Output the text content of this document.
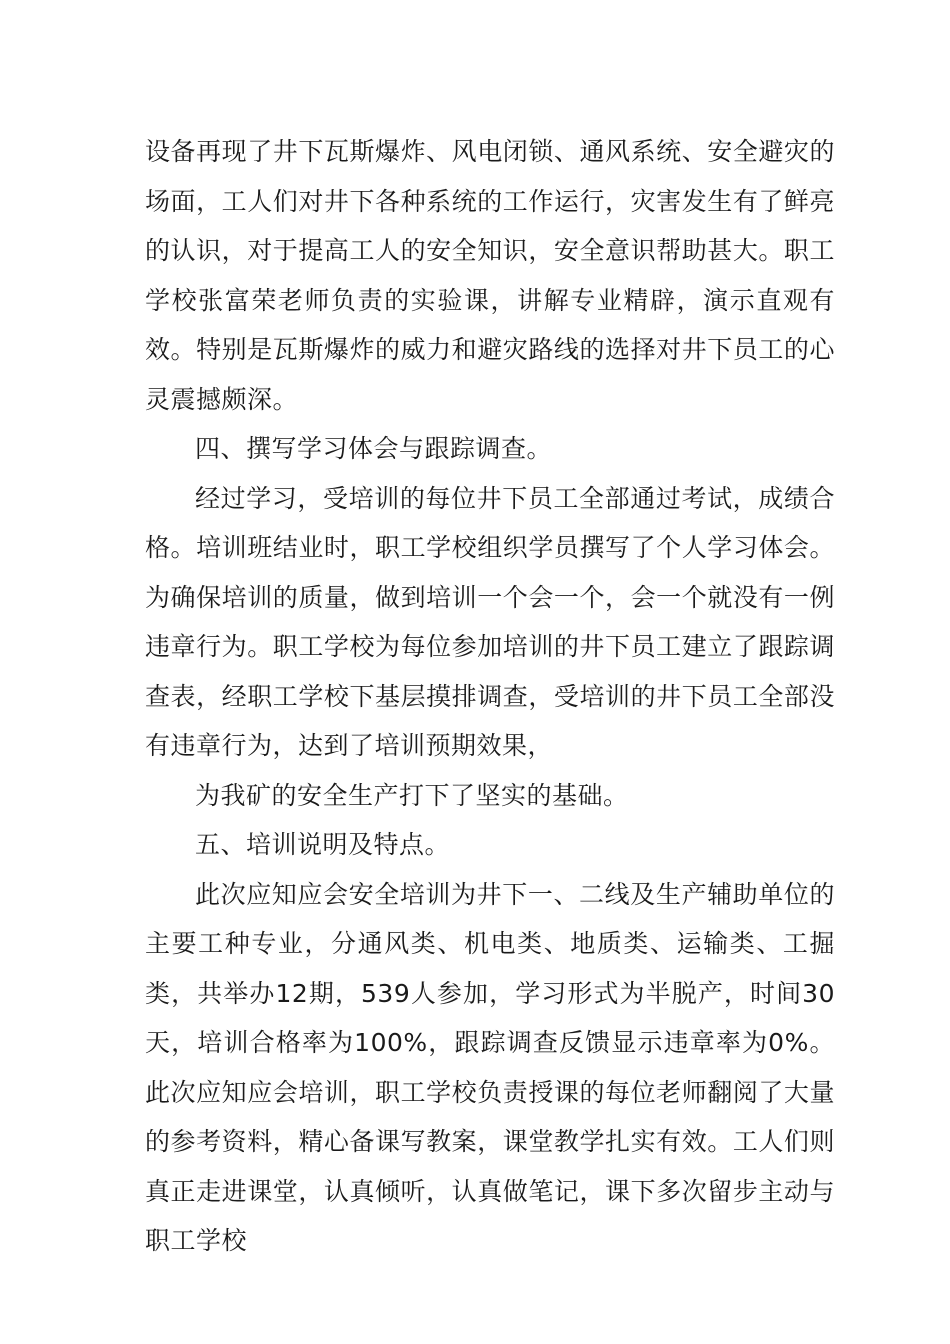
设备再现了井下瓦斯爆炸、风电闭锁、通风系统、安全避灾的场面，工人们对井下各种系统的工作运行，灾害发生有了鲜亮的认识，对于提高工人的安全知识，安全意识帮助甚大。职工学校张富荣老师负责的实验课，讲解专业精辟，演示直观有效。特别是瓦斯爆炸的威力和避灾路线的选择对井下员工的心灵震撼颇深。

四、撰写学习体会与跟踪调查。

经过学习，受培训的每位井下员工全部通过考试，成绩合格。培训班结业时，职工学校组织学员撰写了个人学习体会。为确保培训的质量，做到培训一个会一个，会一个就没有一例违章行为。职工学校为每位参加培训的井下员工建立了跟踪调查表，经职工学校下基层摸排调查，受培训的井下员工全部没有违章行为，达到了培训预期效果，

为我矿的安全生产打下了坚实的基础。

五、培训说明及特点。

此次应知应会安全培训为井下一、二线及生产辅助单位的主要工种专业，分通风类、机电类、地质类、运输类、工掘类，共举办12期，539人参加，学习形式为半脱产，时间30天，培训合格率为100%，跟踪调查反馈显示违章率为0%。此次应知应会培训，职工学校负责授课的每位老师翻阅了大量的参考资料，精心备课写教案，课堂教学扎实有效。工人们则真正走进课堂，认真倾听，认真做笔记，课下多次留步主动与职工学校
